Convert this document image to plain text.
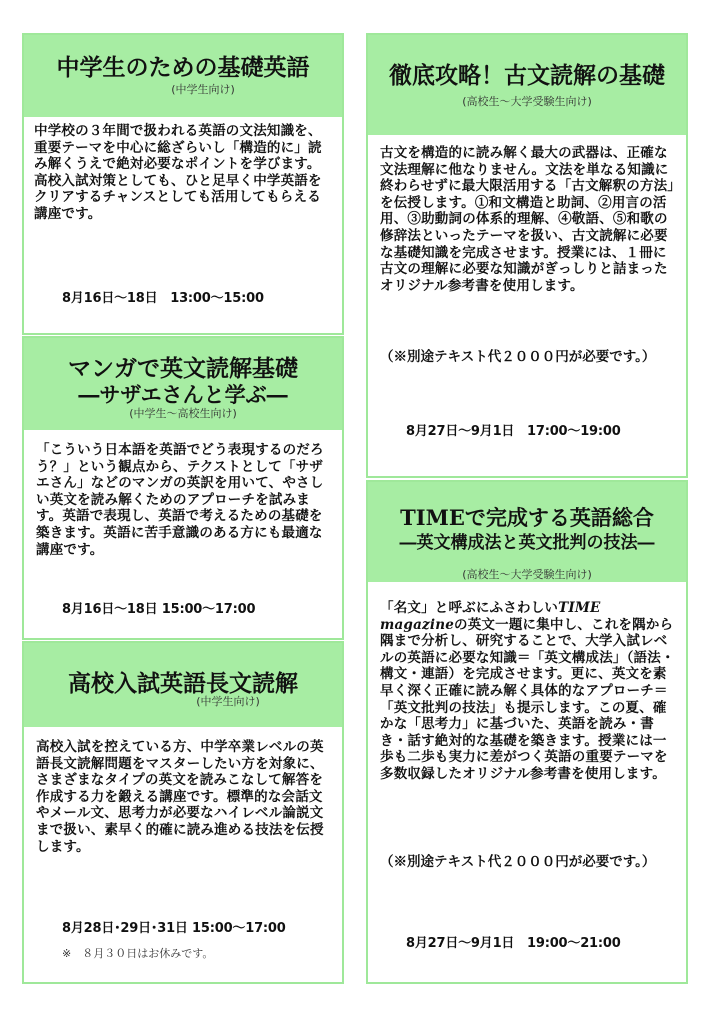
中学生のための基礎英語
(中学生向け)
中学校の３年間で扱われる英語の文法知識を、重要テーマを中心に総ざらいし「構造的に」読み解くうえで絶対必要なポイントを学びます。高校入試対策としても、ひと足早く中学英語をクリアするチャンスとしても活用してもらえる講座です。
8月16日～18日　13:00～15:00
マンガで英文読解基礎
―サザエさんと学ぶ―
(中学生～高校生向け)
「こういう日本語を英語でどう表現するのだろう？」という観点から、テクストとして「サザエさん」などのマンガの英訳を用いて、やさしい英文を読み解くためのアプローチを試みます。英語で表現し、英語で考えるための基礎を築きます。英語に苦手意識のある方にも最適な講座です。
8月16日～18日 15:00～17:00
高校入試英語長文読解
(中学生向け)
高校入試を控えている方、中学卒業レベルの英語長文読解問題をマスターしたい方を対象に、さまざまなタイプの英文を読みこなして解答を作成する力を鍛える講座です。標準的な会話文やメール文、思考力が必要なハイレベル論説文まで扱い、素早く的確に読み進める技法を伝授します。
8月28日･29日･31日 15:00～17:00
※　８月３０日はお休みです。
徹底攻略！古文読解の基礎
(高校生～大学受験生向け)
古文を構造的に読み解く最大の武器は、正確な文法理解に他なりません。文法を単なる知識に終わらせずに最大限活用する「古文解釈の方法」を伝授します。①和文構造と助詞、②用言の活用、③助動詞の体系的理解、④敬語、⑤和歌の修辞法といったテーマを扱い、古文読解に必要な基礎知識を完成させます。授業には、１冊に古文の理解に必要な知識がぎっしりと詰まったオリジナル参考書を使用します。
（※別途テキスト代２０００円が必要です。）
8月27日～9月1日　17:00～19:00
TIMEで完成する英語総合
―英文構成法と英文批判の技法―
(高校生～大学受験生向け)
「名文」と呼ぶにふさわしいTIME magazineの英文一題に集中し、これを隅から隅まで分析し、研究することで、大学入試レベルの英語に必要な知識＝「英文構成法」（語法・構文・連語）を完成させます。更に、英文を素早く深く正確に読み解く具体的なアプローチ＝「英文批判の技法」も提示します。この夏、確かな「思考力」に基づいた、英語を読み・書き・話す絶対的な基礎を築きます。授業には一歩も二歩も実力に差がつく英語の重要テーマを多数収録したオリジナル参考書を使用します。
（※別途テキスト代２０００円が必要です。）
8月27日～9月1日　19:00～21:00
